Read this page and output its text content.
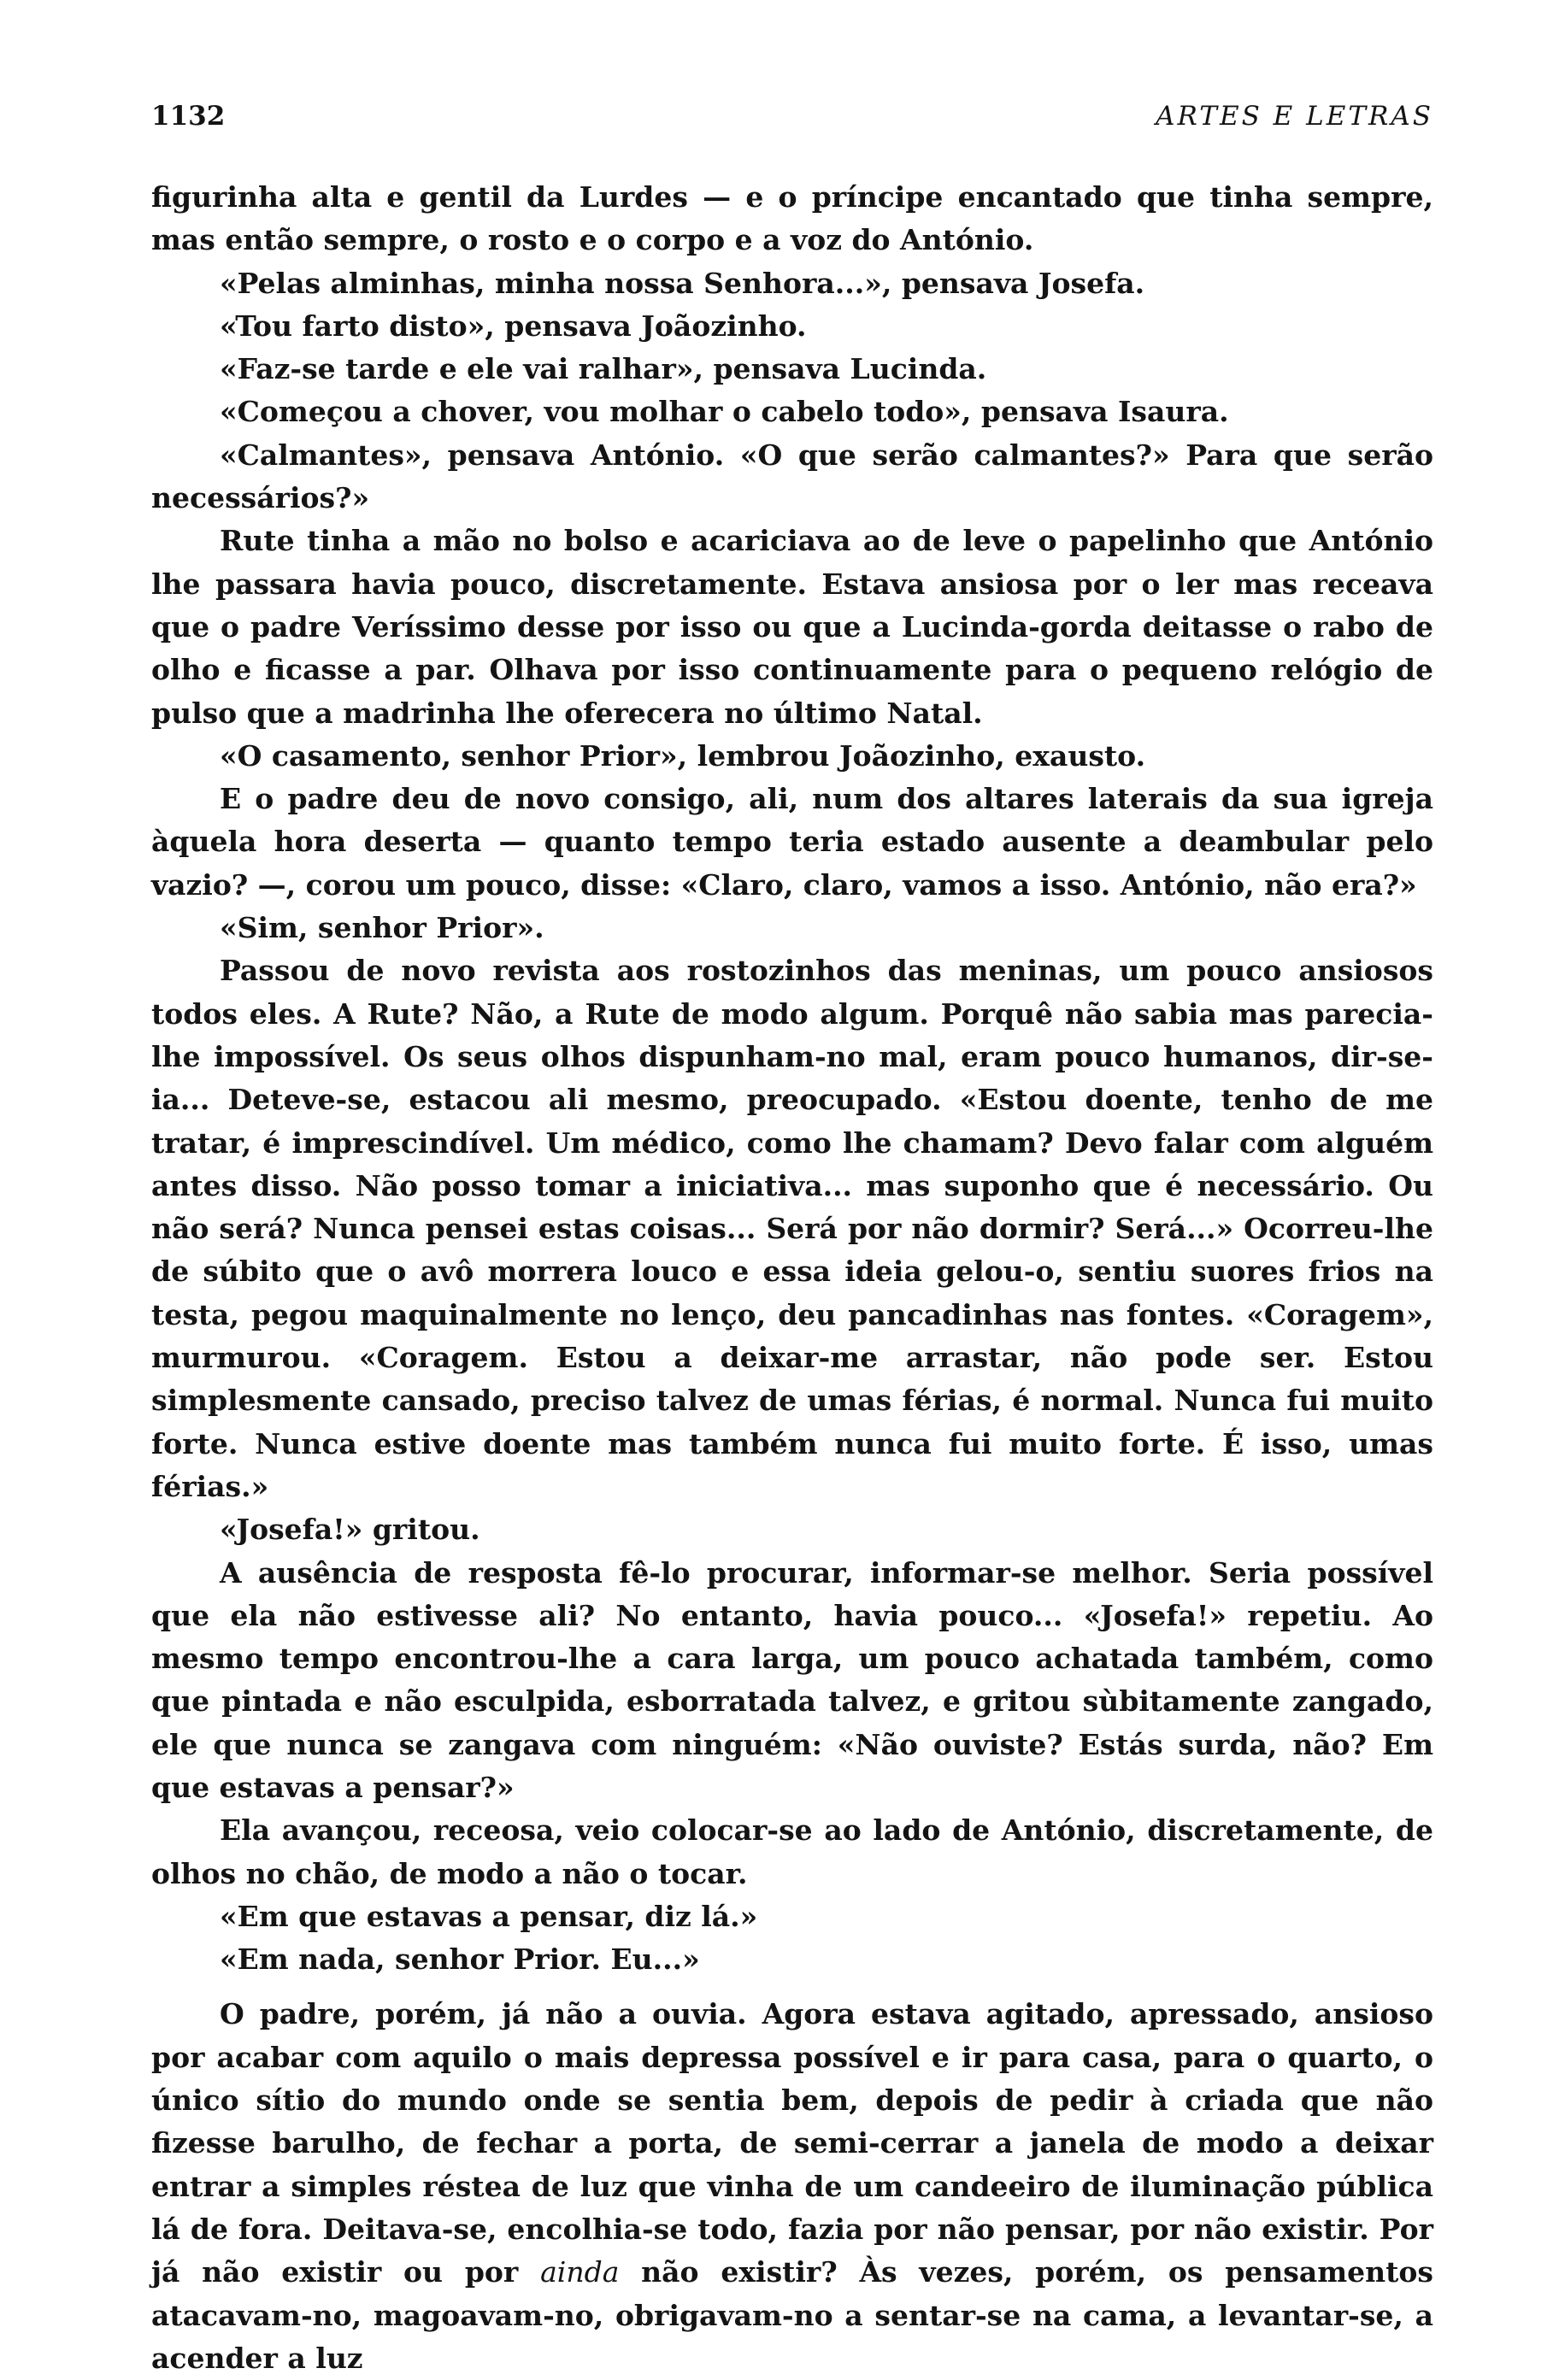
1132	ARTES E LETRAS

figurinha alta e gentil da Lurdes — e o príncipe encantado que tinha sempre, mas então sempre, o rosto e o corpo e a voz do António.

«Pelas alminhas, minha nossa Senhora...», pensava Josefa.

«Tou farto disto», pensava Joãozinho.

«Faz-se tarde e ele vai ralhar», pensava Lucinda.

«Começou a chover, vou molhar o cabelo todo», pensava Isaura.

«Calmantes», pensava António. «O que serão calmantes?» Para que serão necessários?»

Rute tinha a mão no bolso e acariciava ao de leve o papelinho que António lhe passara havia pouco, discretamente. Estava ansiosa por o ler mas receava que o padre Veríssimo desse por isso ou que a Lucinda-gorda deitasse o rabo de olho e ficasse a par. Olhava por isso continuamente para o pequeno relógio de pulso que a madrinha lhe oferecera no último Natal.

«O casamento, senhor Prior», lembrou Joãozinho, exausto.

E o padre deu de novo consigo, ali, num dos altares laterais da sua igreja àquela hora deserta — quanto tempo teria estado ausente a deambular pelo vazio? —, corou um pouco, disse: «Claro, claro, vamos a isso. António, não era?»

«Sim, senhor Prior».

Passou de novo revista aos rostozinhos das meninas, um pouco ansiosos todos eles. A Rute? Não, a Rute de modo algum. Porquê não sabia mas parecia-lhe impossível. Os seus olhos dispunham-no mal, eram pouco humanos, dir-se-ia... Deteve-se, estacou ali mesmo, preocupado. «Estou doente, tenho de me tratar, é imprescindível. Um médico, como lhe chamam? Devo falar com alguém antes disso. Não posso tomar a iniciativa... mas suponho que é necessário. Ou não será? Nunca pensei estas coisas... Será por não dormir? Será...» Ocorreu-lhe de súbito que o avô morrera louco e essa ideia gelou-o, sentiu suores frios na testa, pegou maquinalmente no lenço, deu pancadinhas nas fontes. «Coragem», murmurou. «Coragem. Estou a deixar-me arrastar, não pode ser. Estou simplesmente cansado, preciso talvez de umas férias, é normal. Nunca fui muito forte. Nunca estive doente mas também nunca fui muito forte. É isso, umas férias.»

«Josefa!» gritou.

A ausência de resposta fê-lo procurar, informar-se melhor. Seria possível que ela não estivesse ali? No entanto, havia pouco... «Josefa!» repetiu. Ao mesmo tempo encontrou-lhe a cara larga, um pouco achatada também, como que pintada e não esculpida, esborratada talvez, e gritou sùbitamente zangado, ele que nunca se zangava com ninguém: «Não ouviste? Estás surda, não? Em que estavas a pensar?»

Ela avançou, receosa, veio colocar-se ao lado de António, discretamente, de olhos no chão, de modo a não o tocar.

«Em que estavas a pensar, diz lá.»

«Em nada, senhor Prior. Eu...»

O padre, porém, já não a ouvia. Agora estava agitado, apressado, ansioso por acabar com aquilo o mais depressa possível e ir para casa, para o quarto, o único sítio do mundo onde se sentia bem, depois de pedir à criada que não fizesse barulho, de fechar a porta, de semi-cerrar a janela de modo a deixar entrar a simples réstea de luz que vinha de um candeeiro de iluminação pública lá de fora. Deitava-se, encolhia-se todo, fazia por não pensar, por não existir. Por já não existir ou por ainda não existir? Às vezes, porém, os pensamentos atacavam-no, magoavam-no, obrigavam-no a sentar-se na cama, a levantar-se, a acender a luz
